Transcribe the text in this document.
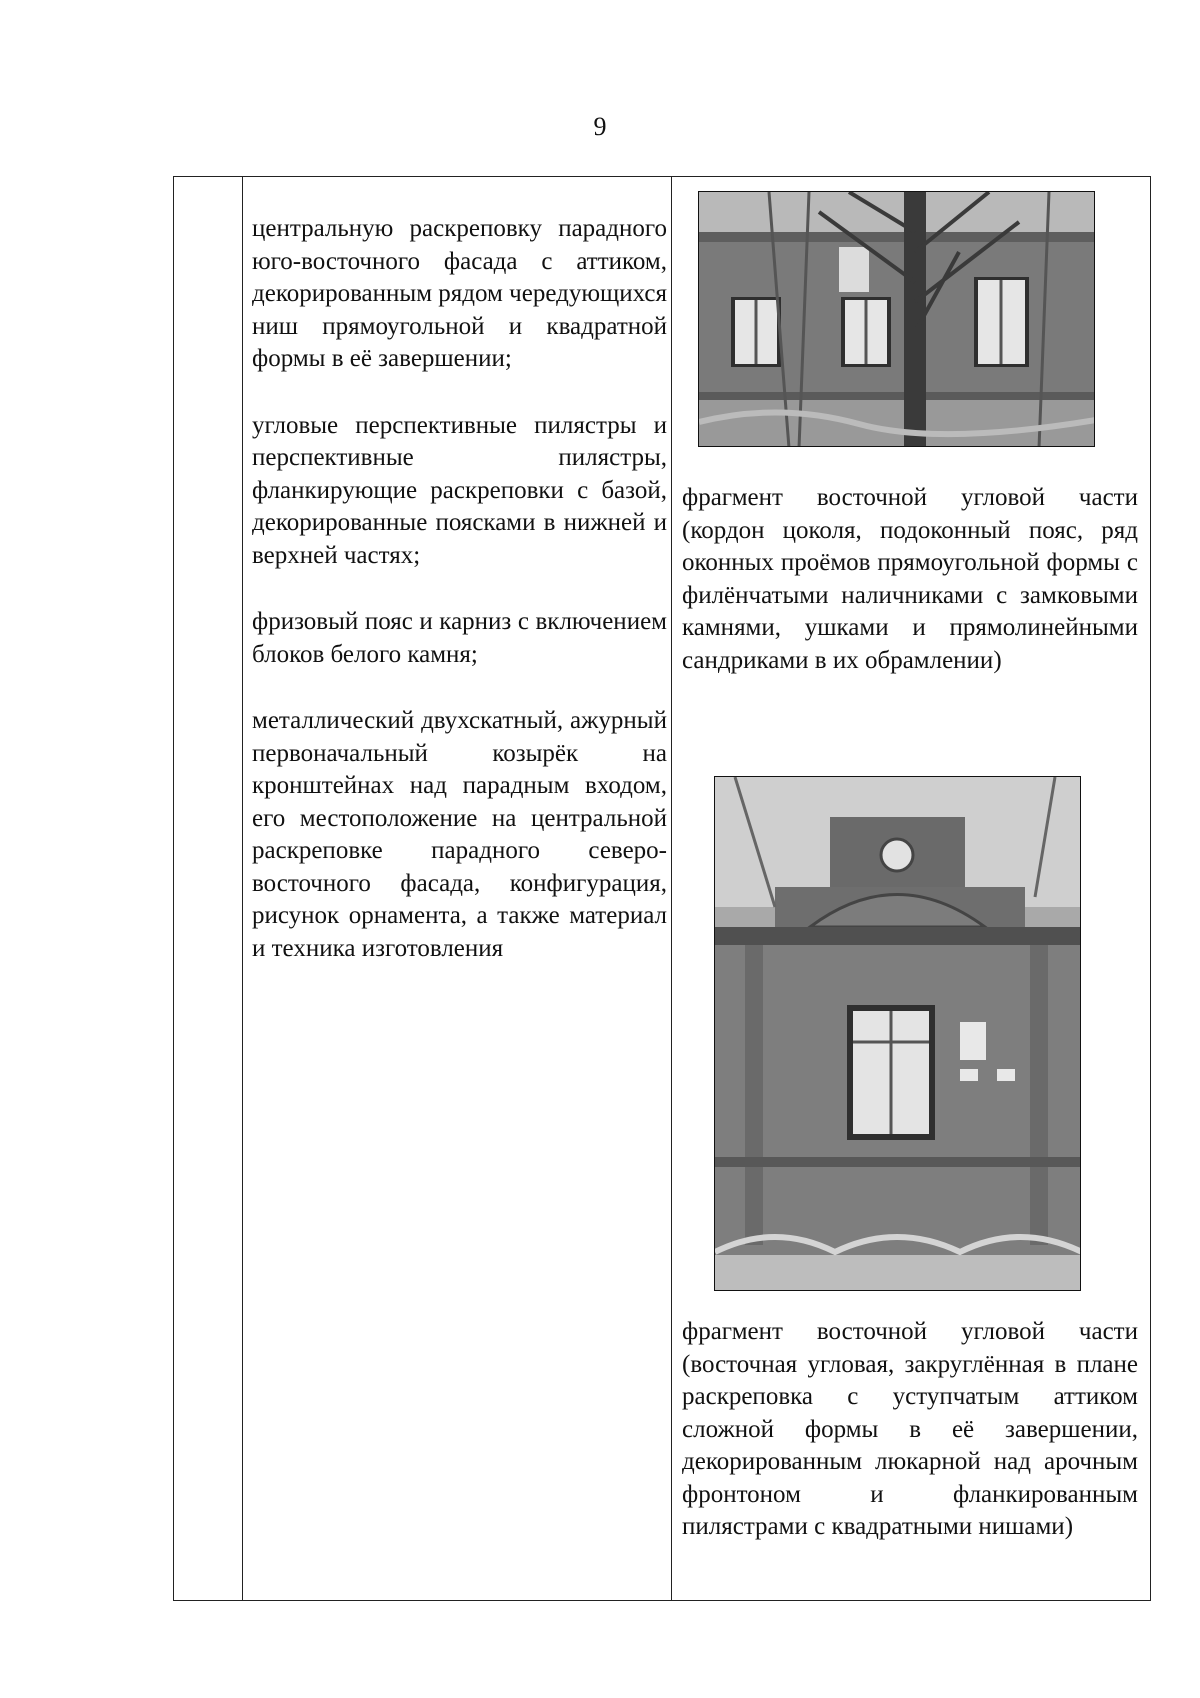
9

центральную раскреповку парадного юго-восточного фасада с аттиком, декорированным рядом чередующихся ниш прямоугольной и квадратной формы в её завершении;

угловые перспективные пилястры и перспективные пилястры, фланкирующие раскреповки с базой, декорированные поясками в нижней и верхней частях;

фризовый пояс и карниз с включением блоков белого камня;

металлический двухскатный, ажурный первоначальный козырёк на кронштейнах над парадным входом, его местоположение на центральной раскреповке парадного северо-восточного фасада, конфигурация, рисунок орнамента, а также материал и техника изготовления

фрагмент восточной угловой части (кордон цоколя, подоконный пояс, ряд оконных проёмов прямоугольной формы с филёнчатыми наличниками с замковыми камнями, ушками и прямолинейными сандриками в их обрамлении)
фрагмент восточной угловой части (восточная угловая, закруглённая в плане раскреповка с уступчатым аттиком сложной формы в её завершении, декорированным люкарной над арочным фронтоном и фланкированным пилястрами с квадратными нишами)
